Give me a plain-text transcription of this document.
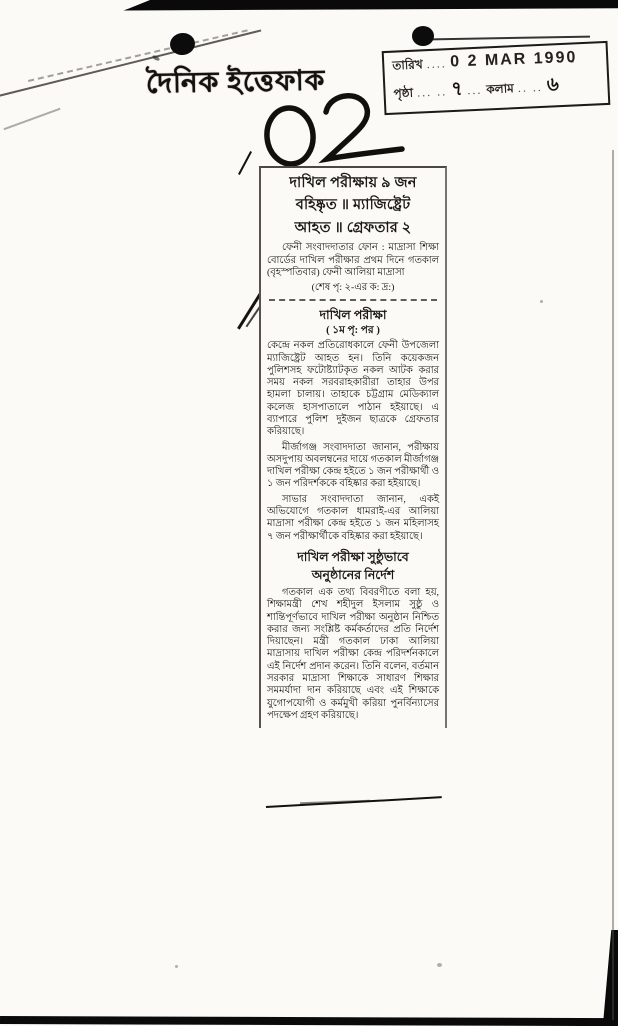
দৈনিক ইত্তেফাক
তারিখ .... 0 2 MAR 1990
পৃষ্ঠা ... .. ৭ ... কলাম .. .. ৬
দাখিল পরীক্ষায় ৯ জন
বহিষ্কৃত ॥ ম্যাজিষ্ট্রেট
আহত ॥ গ্রেফতার ২

ফেনী সংবাদদাতার ফোন : মাদ্রাসা শিক্ষা বোর্ডের দাখিল পরীক্ষার প্রথম দিনে গতকাল (বৃহস্পতিবার) ফেনী আলিয়া মাদ্রাসা

(শেষ পৃ: ২-এর ক: দ্র:)

দাখিল পরীক্ষা
( ১ম পৃ: পর )

কেন্দ্রে নকল প্রতিরোধকালে ফেনী উপজেলা ম্যাজিষ্ট্রেট আহত হন। তিনি কয়েকজন পুলিশসহ ফটোষ্ট্যাটকৃত নকল আটক করার সময় নকল সরবরাহকারীরা তাহার উপর হামলা চালায়। তাহাকে চট্টগ্রাম মেডিক্যাল কলেজ হাসপাতালে পাঠান হইয়াছে। এ ব্যাপারে পুলিশ দুইজন ছাত্রকে গ্রেফতার করিয়াছে।

মীর্জাগঞ্জ সংবাদদাতা জানান, পরীক্ষায় অসদুপায় অবলম্বনের দায়ে গতকাল মীর্জাগঞ্জ দাখিল পরীক্ষা কেন্দ্র হইতে ১ জন পরীক্ষার্থী ও ১ জন পরিদর্শককে বহিষ্কার করা হইয়াছে।

সাভার সংবাদদাতা জানান, একই অভিযোগে গতকাল ধামরাই-এর আলিয়া মাদ্রাসা পরীক্ষা কেন্দ্র হইতে ১ জন মহিলাসহ ৭ জন পরীক্ষার্থীকে বহিষ্কার করা হইয়াছে।

দাখিল পরীক্ষা সুষ্ঠুভাবে
অনুষ্ঠানের নির্দেশ

গতকাল এক তথ্য বিবরণীতে বলা হয়, শিক্ষামন্ত্রী শেখ শহীদুল ইসলাম সুষ্ঠু ও শান্তিপূর্ণভাবে দাখিল পরীক্ষা অনুষ্ঠান নিশ্চিত করার জন্য সংশ্লিষ্ট কর্মকর্তাদের প্রতি নির্দেশ দিয়াছেন। মন্ত্রী গতকাল ঢাকা আলিয়া মাদ্রাসায় দাখিল পরীক্ষা কেন্দ্র পরিদর্শনকালে এই নির্দেশ প্রদান করেন। তিনি বলেন, বর্তমান সরকার মাদ্রাসা শিক্ষাকে সাধারণ শিক্ষার সমমর্যাদা দান করিয়াছে এবং এই শিক্ষাকে যুগোপযোগী ও কর্মমুখী করিয়া পুনর্বিন্যাসের পদক্ষেপ গ্রহণ করিয়াছে।
